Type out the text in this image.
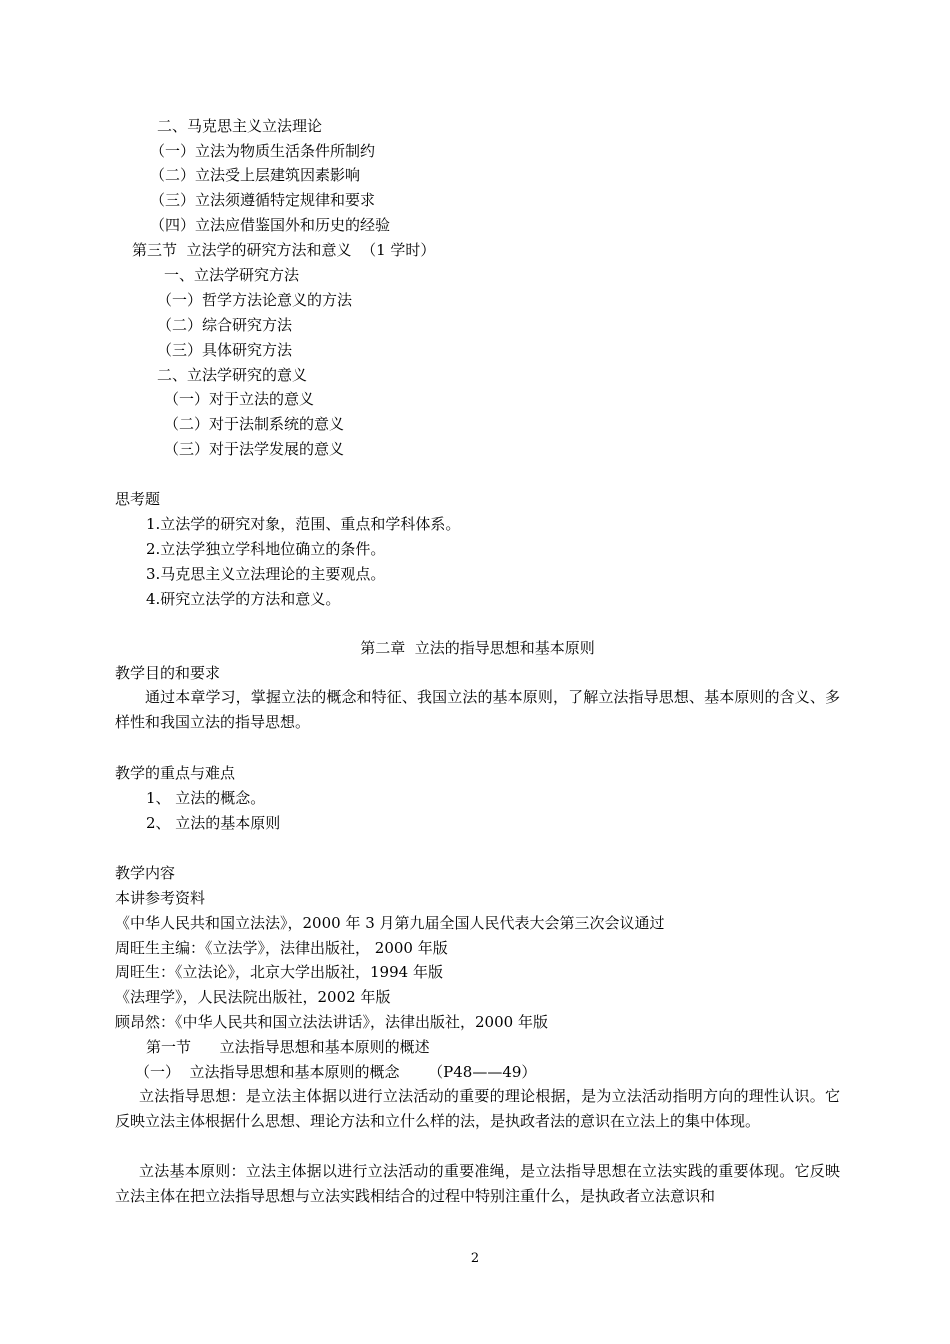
二、马克思主义立法理论
（一）立法为物质生活条件所制约
（二）立法受上层建筑因素影响
（三）立法须遵循特定规律和要求
（四）立法应借鉴国外和历史的经验
第三节  立法学的研究方法和意义  （1 学时）
一、立法学研究方法
（一）哲学方法论意义的方法
（二）综合研究方法
（三）具体研究方法
二、立法学研究的意义
（一）对于立法的意义
（二）对于法制系统的意义
（三）对于法学发展的意义
思考题
1.立法学的研究对象，范围、重点和学科体系。
2.立法学独立学科地位确立的条件。
3.马克思主义立法理论的主要观点。
4.研究立法学的方法和意义。
第二章  立法的指导思想和基本原则
教学目的和要求
通过本章学习，掌握立法的概念和特征、我国立法的基本原则，了解立法指导思想、基本原则的含义、多样性和我国立法的指导思想。
教学的重点与难点
1、 立法的概念。
2、 立法的基本原则
教学内容
本讲参考资料
《中华人民共和国立法法》，2000 年 3 月第九届全国人民代表大会第三次会议通过
周旺生主编：《立法学》，法律出版社， 2000 年版
周旺生：《立法论》，北京大学出版社，1994 年版
《法理学》，人民法院出版社，2002 年版
顾昂然：《中华人民共和国立法法讲话》，法律出版社，2000 年版
第一节      立法指导思想和基本原则的概述
（一）  立法指导思想和基本原则的概念      （P48——49）
立法指导思想：是立法主体据以进行立法活动的重要的理论根据，是为立法活动指明方向的理性认识。它反映立法主体根据什么思想、理论方法和立什么样的法，是执政者法的意识在立法上的集中体现。
立法基本原则：立法主体据以进行立法活动的重要准绳，是立法指导思想在立法实践的重要体现。它反映立法主体在把立法指导思想与立法实践相结合的过程中特别注重什么，是执政者立法意识和
2
